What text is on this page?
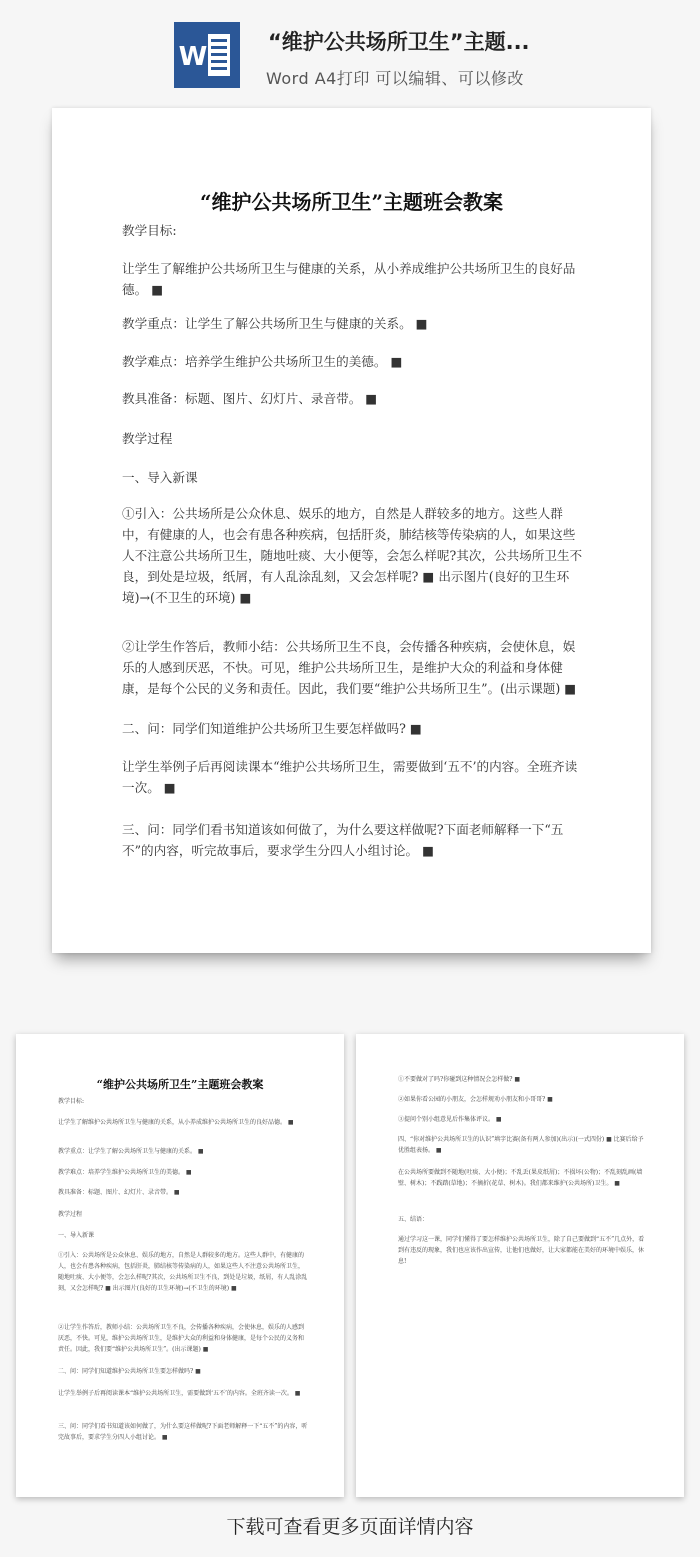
W	“维护公共场所卫生”主题...
Word A4打印 可以编辑、可以修改
“维护公共场所卫生”主题班会教案
教学目标:
让学生了解维护公共场所卫生与健康的关系，从小养成维护公共场所卫生的良好品德。 ■
教学重点：让学生了解公共场所卫生与健康的关系。 ■
教学难点：培养学生维护公共场所卫生的美德。 ■
教具准备：标题、图片、幻灯片、录音带。 ■
教学过程
一、导入新课
①引入：公共场所是公众休息、娱乐的地方，自然是人群较多的地方。这些人群中，有健康的人，也会有患各种疾病，包括肝炎，肺结核等传染病的人，如果这些人不注意公共场所卫生，随地吐痰、大小便等，会怎么样呢?其次，公共场所卫生不良，到处是垃圾，纸屑，有人乱涂乱刻，又会怎样呢? ■ 出示图片(良好的卫生环境)→(不卫生的环境) ■
②让学生作答后，教师小结：公共场所卫生不良，会传播各种疾病，会使休息，娱乐的人感到厌恶，不快。可见，维护公共场所卫生，是维护大众的利益和身体健康，是每个公民的义务和责任。因此，我们要“维护公共场所卫生”。(出示课题) ■
二、问：同学们知道维护公共场所卫生要怎样做吗? ■
让学生举例子后再阅读课本“维护公共场所卫生，需要做到‘五不’的内容。全班齐读一次。 ■
三、问：同学们看书知道该如何做了，为什么要这样做呢?下面老师解释一下“五不”的内容，听完故事后，要求学生分四人小组讨论。 ■
“维护公共场所卫生”主题班会教案
教学目标:
让学生了解维护公共场所卫生与健康的关系，从小养成维护公共场所卫生的良好品德。 ■
教学重点：让学生了解公共场所卫生与健康的关系。 ■
教学难点：培养学生维护公共场所卫生的美德。 ■
教具准备：标题、图片、幻灯片、录音带。 ■
教学过程
一、导入新课
①引入：公共场所是公众休息、娱乐的地方，自然是人群较多的地方。这些人群中，有健康的人，也会有患各种疾病，包括肝炎，肺结核等传染病的人，如果这些人不注意公共场所卫生，随地吐痰、大小便等，会怎么样呢?其次，公共场所卫生不良，到处是垃圾，纸屑，有人乱涂乱刻，又会怎样呢? ■ 出示图片(良好的卫生环境)→(不卫生的环境) ■
②让学生作答后，教师小结：公共场所卫生不良，会传播各种疾病，会使休息，娱乐的人感到厌恶，不快。可见，维护公共场所卫生，是维护大众的利益和身体健康，是每个公民的义务和责任。因此，我们要“维护公共场所卫生”。(出示课题) ■
二、问：同学们知道维护公共场所卫生要怎样做吗? ■
让学生举例子后再阅读课本“维护公共场所卫生，需要做到‘五不’的内容。全班齐读一次。 ■
三、问：同学们看书知道该如何做了，为什么要这样做呢?下面老师解释一下“五不”的内容，听完故事后，要求学生分四人小组讨论。 ■
①不要做对了吗?你碰到这种情况会怎样做? ■
②如果你看公园的小朋友，会怎样规劝小朋友和小哥哥? ■
③提问个别小组意见后作集体评议。 ■
四、“你对维护公共场所卫生的认识”填字比赛(备有两人参加)(出示)(一式四份) ■ 比赛后给予优胜组表扬。 ■
在公共场所要做到不随地(吐痰、大小便)；不乱丢(果皮纸屑)；不损坏(公物)；不乱刻乱画(墙壁、树木)；不践踏(草地)；不摘折(花草、树木)。我们都来维护(公共场所)卫生。 ■
五、结语：
通过学习这一课，同学们懂得了要怎样维护公共场所卫生，除了自己要做到“五不”几点外，看到有违反的现象，我们也应该作出宣传，让他们也做好，让大家都能在美好的环境中娱乐，休息!
下载可查看更多页面详情内容
